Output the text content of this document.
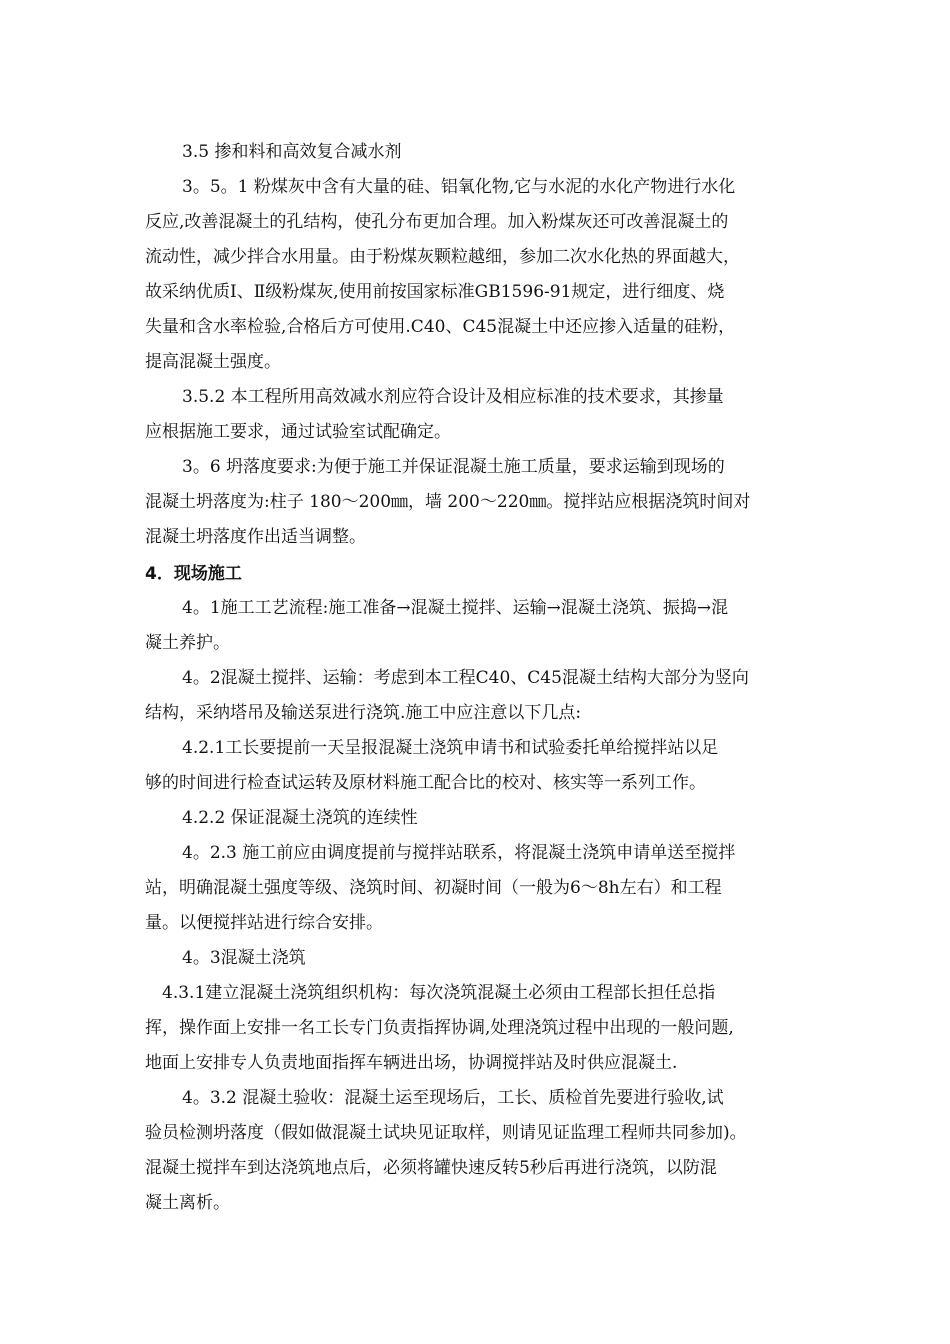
3.5 掺和料和高效复合减水剂
3。5。1 粉煤灰中含有大量的硅、铝氧化物,它与水泥的水化产物进行水化
反应,改善混凝土的孔结构，使孔分布更加合理。加入粉煤灰还可改善混凝土的
流动性，减少拌合水用量。由于粉煤灰颗粒越细，参加二次水化热的界面越大，
故采纳优质Ⅰ、Ⅱ级粉煤灰,使用前按国家标准GB1596-91规定，进行细度、烧
失量和含水率检验,合格后方可使用.C40、C45混凝土中还应掺入适量的硅粉，
提高混凝土强度。
3.5.2 本工程所用高效减水剂应符合设计及相应标准的技术要求，其掺量
应根据施工要求，通过试验室试配确定。
3。6 坍落度要求:为便于施工并保证混凝土施工质量，要求运输到现场的
混凝土坍落度为:柱子 180～200㎜，墙 200～220㎜。搅拌站应根据浇筑时间对
混凝土坍落度作出适当调整。
4．现场施工
4。1施工工艺流程:施工准备→混凝土搅拌、运输→混凝土浇筑、振捣→混
凝土养护。
4。2混凝土搅拌、运输：考虑到本工程C40、C45混凝土结构大部分为竖向
结构，采纳塔吊及输送泵进行浇筑.施工中应注意以下几点:
4.2.1工长要提前一天呈报混凝土浇筑申请书和试验委托单给搅拌站以足
够的时间进行检查试运转及原材料施工配合比的校对、核实等一系列工作。
4.2.2 保证混凝土浇筑的连续性
4。2.3 施工前应由调度提前与搅拌站联系，将混凝土浇筑申请单送至搅拌
站，明确混凝土强度等级、浇筑时间、初凝时间（一般为6～8h左右）和工程
量。以便搅拌站进行综合安排。
4。3混凝土浇筑
4.3.1建立混凝土浇筑组织机构：每次浇筑混凝土必须由工程部长担任总指
挥，操作面上安排一名工长专门负责指挥协调,处理浇筑过程中出现的一般问题,
地面上安排专人负责地面指挥车辆进出场，协调搅拌站及时供应混凝土.
4。3.2 混凝土验收：混凝土运至现场后，工长、质检首先要进行验收,试
验员检测坍落度（假如做混凝土试块见证取样，则请见证监理工程师共同参加)。
混凝土搅拌车到达浇筑地点后，必须将罐快速反转5秒后再进行浇筑，以防混
凝土离析。
